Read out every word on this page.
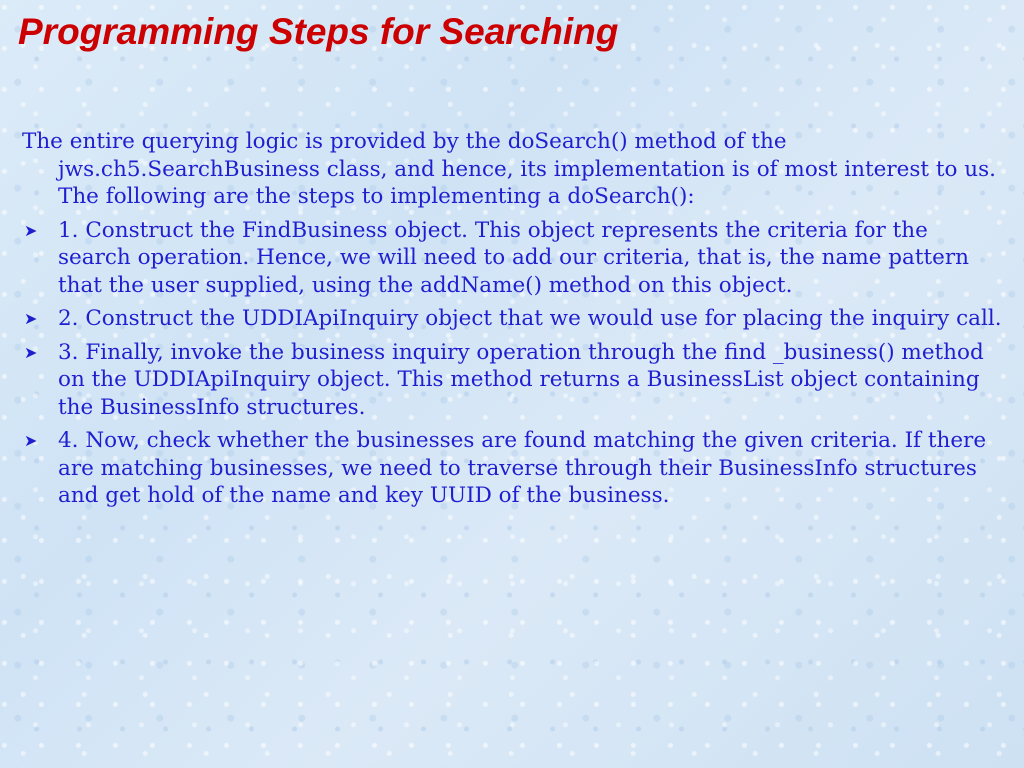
Programming Steps for Searching

The entire querying logic is provided by the doSearch() method of the jws.ch5.SearchBusiness class, and hence, its implementation is of most interest to us. The following are the steps to implementing a doSearch():

➤ 1. Construct the FindBusiness object. This object represents the criteria for the search operation. Hence, we will need to add our criteria, that is, the name pattern that the user supplied, using the addName() method on this object.
➤ 2. Construct the UDDIApiInquiry object that we would use for placing the inquiry call.
➤ 3. Finally, invoke the business inquiry operation through the find _business() method on the UDDIApiInquiry object. This method returns a BusinessList object containing the BusinessInfo structures.
➤ 4. Now, check whether the businesses are found matching the given criteria. If there are matching businesses, we need to traverse through their BusinessInfo structures and get hold of the name and key UUID of the business.
